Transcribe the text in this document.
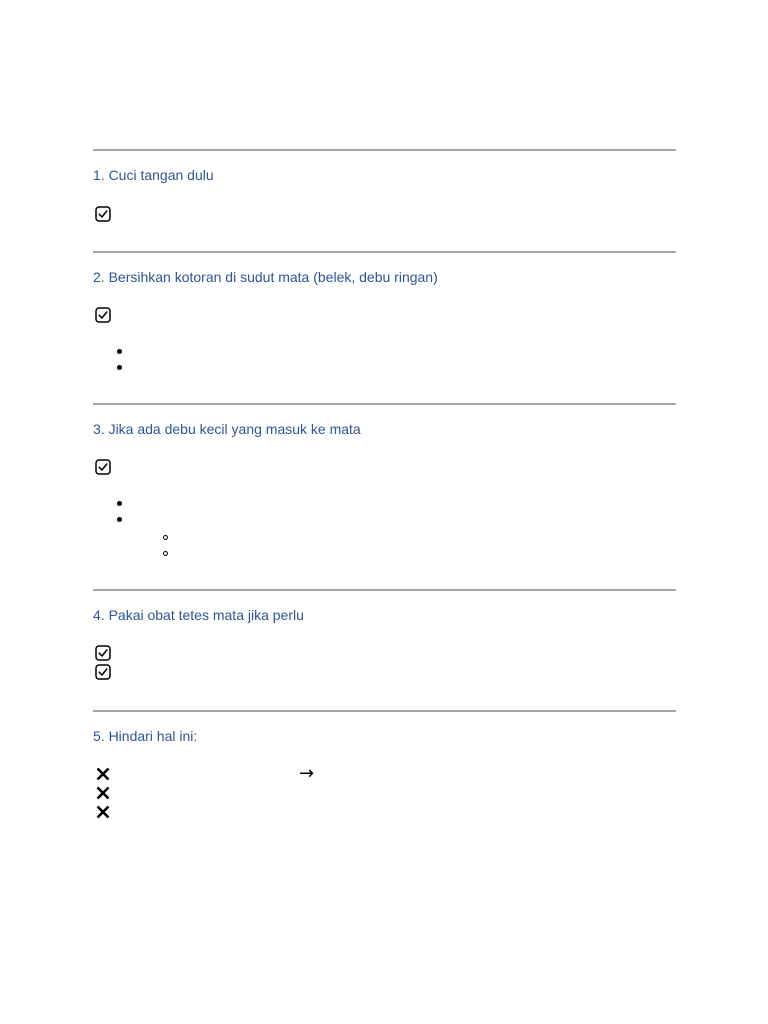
1. Cuci tangan dulu
2. Bersihkan kotoran di sudut mata (belek, debu ringan)
3. Jika ada debu kecil yang masuk ke mata
4. Pakai obat tetes mata jika perlu
5. Hindari hal ini:
→
